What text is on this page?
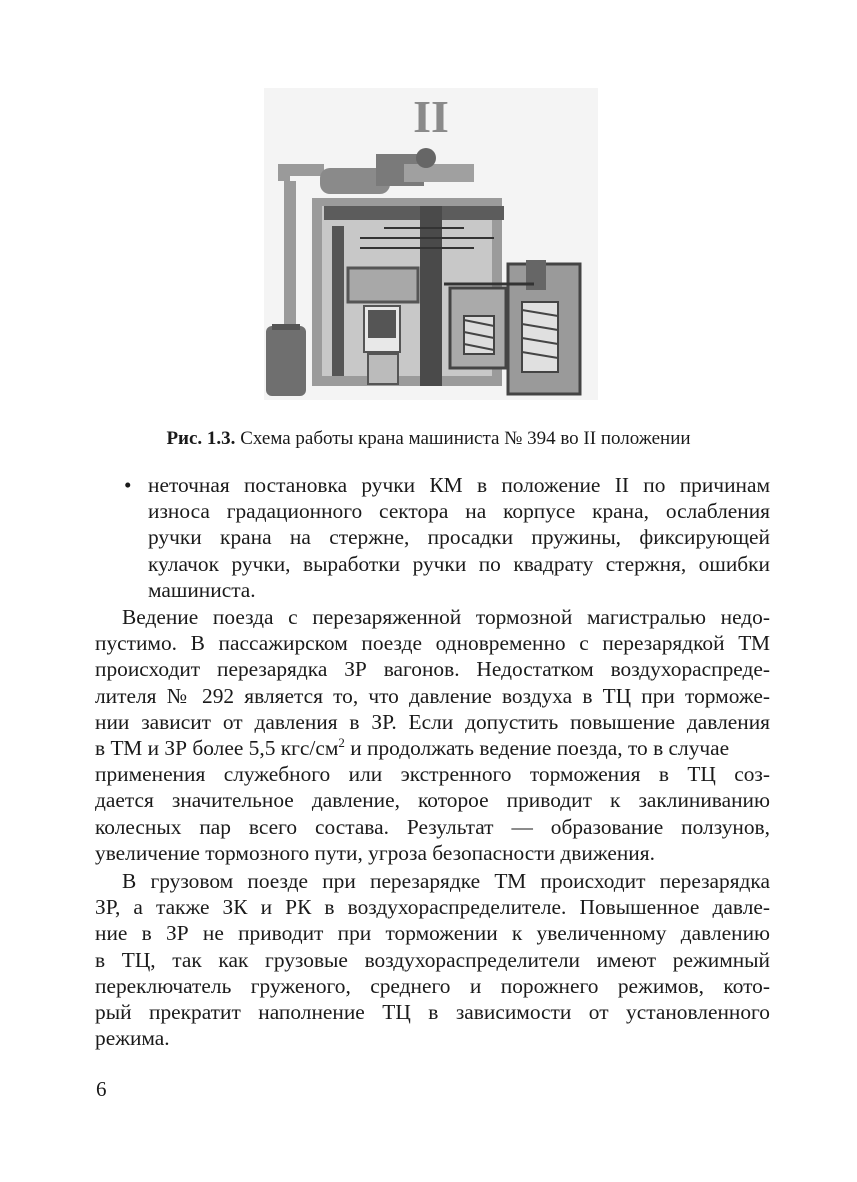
II
Рис. 1.3. Схема работы крана машиниста № 394 во II положении
• неточная постановка ручки КМ в положение II по причинам
износа градационного сектора на корпусе крана, ослабления
ручки крана на стержне, просадки пружины, фиксирующей
кулачок ручки, выработки ручки по квадрату стержня, ошибки
машиниста.
Ведение поезда с перезаряженной тормозной магистралью недо-
пустимо. В пассажирском поезде одновременно с перезарядкой ТМ
происходит перезарядка ЗР вагонов. Недостатком воздухораспреде-
лителя № 292 является то, что давление воздуха в ТЦ при торможе-
нии зависит от давления в ЗР. Если допустить повышение давления
в ТМ и ЗР более 5,5 кгс/$см^2$ и продолжать ведение поезда, то в случае
применения служебного или экстренного торможения в ТЦ соз-
дается значительное давление, которое приводит к заклиниванию
колесных пар всего состава. Результат — образование ползунов,
увеличение тормозного пути, угроза безопасности движения.
В грузовом поезде при перезарядке ТМ происходит перезарядка
ЗР, а также ЗК и РК в воздухораспределителе. Повышенное давле-
ние в ЗР не приводит при торможении к увеличенному давлению
в ТЦ, так как грузовые воздухораспределители имеют режимный
переключатель груженого, среднего и порожнего режимов, кото-
рый прекратит наполнение ТЦ в зависимости от установленного
режима.
6
